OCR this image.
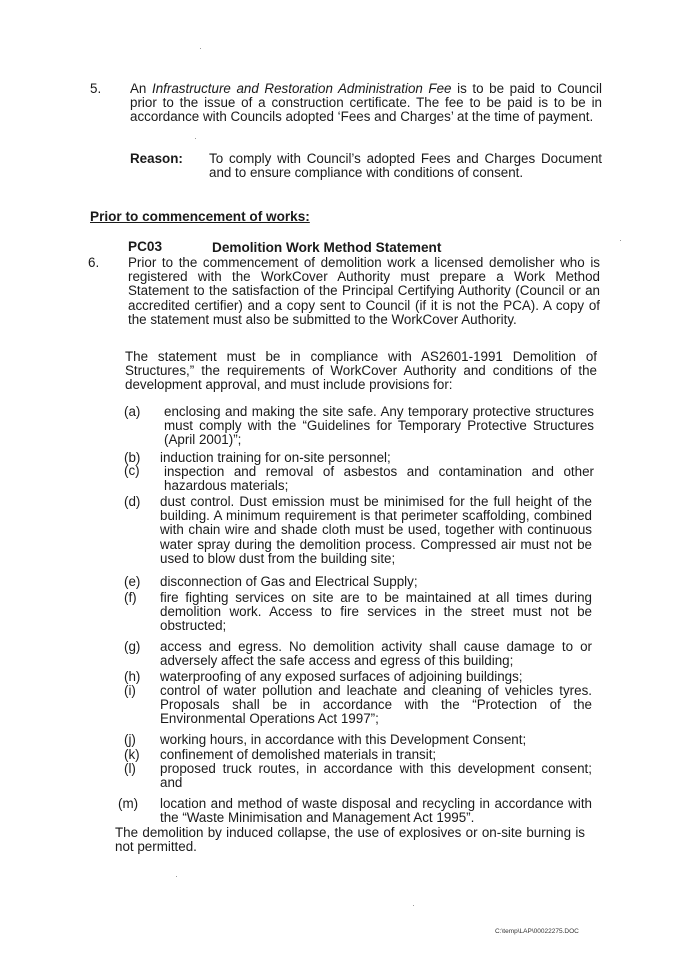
5. An Infrastructure and Restoration Administration Fee is to be paid to Council prior to the issue of a construction certificate. The fee to be paid is to be in accordance with Councils adopted ‘Fees and Charges’ at the time of payment.
Reason: To comply with Council’s adopted Fees and Charges Document and to ensure compliance with conditions of consent.
Prior to commencement of works:
PC03	Demolition Work Method Statement
6. Prior to the commencement of demolition work a licensed demolisher who is registered with the WorkCover Authority must prepare a Work Method Statement to the satisfaction of the Principal Certifying Authority (Council or an accredited certifier) and a copy sent to Council (if it is not the PCA). A copy of the statement must also be submitted to the WorkCover Authority.
The statement must be in compliance with AS2601-1991 Demolition of Structures,” the requirements of WorkCover Authority and conditions of the development approval, and must include provisions for:
(a) enclosing and making the site safe. Any temporary protective structures must comply with the “Guidelines for Temporary Protective Structures (April 2001)”;
(b) induction training for on-site personnel;
(c) inspection and removal of asbestos and contamination and other hazardous materials;
(d) dust control. Dust emission must be minimised for the full height of the building. A minimum requirement is that perimeter scaffolding, combined with chain wire and shade cloth must be used, together with continuous water spray during the demolition process. Compressed air must not be used to blow dust from the building site;
(e) disconnection of Gas and Electrical Supply;
(f) fire fighting services on site are to be maintained at all times during demolition work. Access to fire services in the street must not be obstructed;
(g) access and egress. No demolition activity shall cause damage to or adversely affect the safe access and egress of this building;
(h) waterproofing of any exposed surfaces of adjoining buildings;
(i) control of water pollution and leachate and cleaning of vehicles tyres. Proposals shall be in accordance with the “Protection of the Environmental Operations Act 1997”;
(j) working hours, in accordance with this Development Consent;
(k) confinement of demolished materials in transit;
(l) proposed truck routes, in accordance with this development consent; and
(m) location and method of waste disposal and recycling in accordance with the “Waste Minimisation and Management Act 1995”.
The demolition by induced collapse, the use of explosives or on-site burning is not permitted.
C:\temp\LAP\00022275.DOC
